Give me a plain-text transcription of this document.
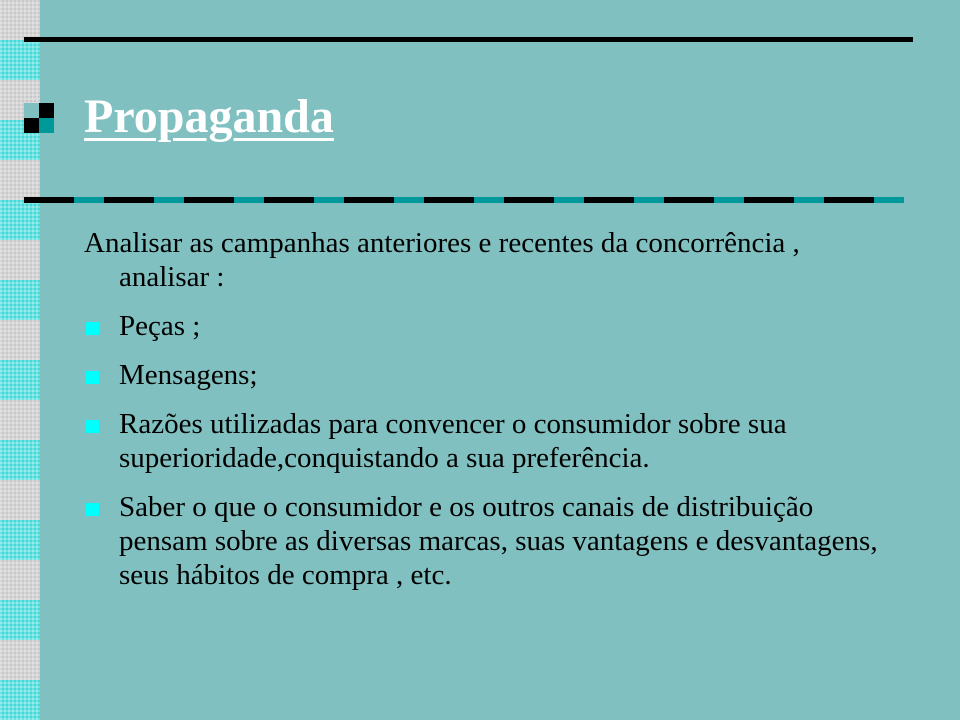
Propaganda

Analisar as campanhas anteriores e recentes da concorrência , analisar :

Peças ;
Mensagens;
Razões utilizadas para convencer o consumidor sobre sua superioridade,conquistando a sua preferência.
Saber o que o consumidor e os outros canais de distribuição pensam sobre as diversas marcas, suas vantagens e desvantagens, seus hábitos de compra , etc.
